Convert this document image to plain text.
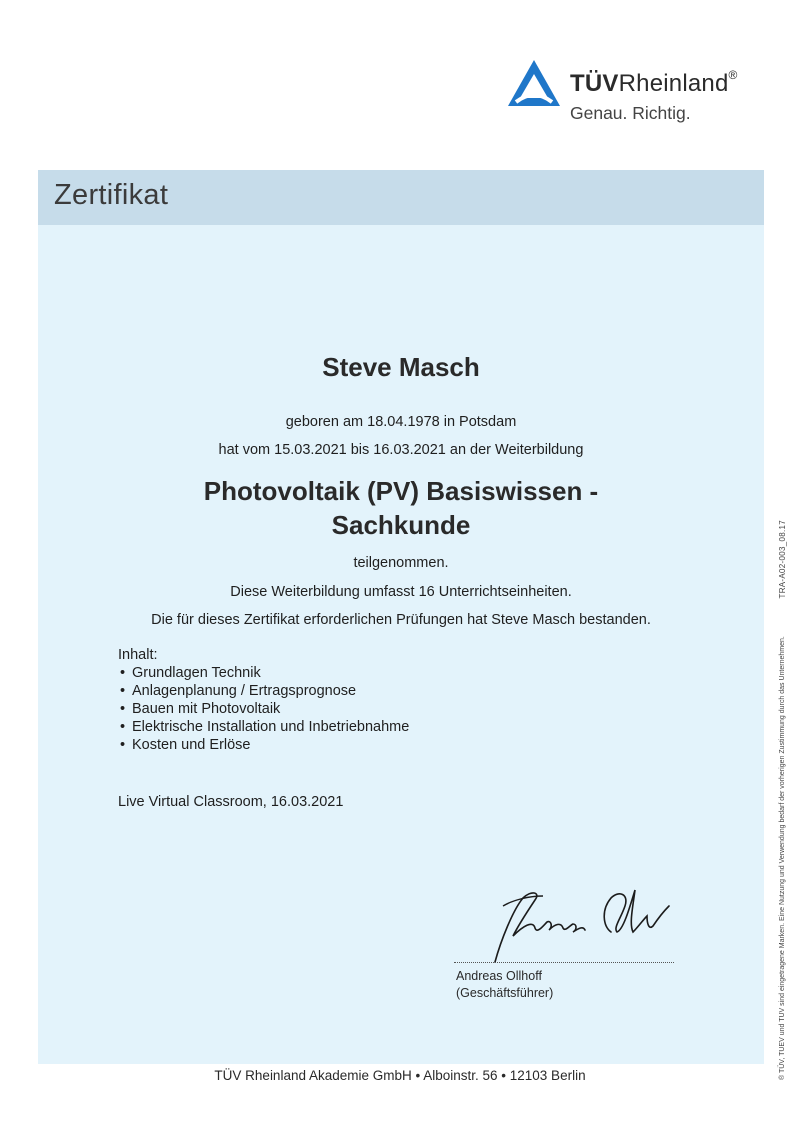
TÜVRheinland®
Genau. Richtig.
Zertifikat
Steve Masch
geboren am 18.04.1978 in Potsdam
hat vom 15.03.2021 bis 16.03.2021 an der Weiterbildung
Photovoltaik (PV) Basiswissen -
Sachkunde
teilgenommen.
Diese Weiterbildung umfasst 16 Unterrichtseinheiten.
Die für dieses Zertifikat erforderlichen Prüfungen hat Steve Masch bestanden.
Inhalt:
• Grundlagen Technik
• Anlagenplanung / Ertragsprognose
• Bauen mit Photovoltaik
• Elektrische Installation und Inbetriebnahme
• Kosten und Erlöse
Live Virtual Classroom, 16.03.2021
Andreas Ollhoff
(Geschäftsführer)
TÜV Rheinland Akademie GmbH • Alboinstr. 56 • 12103 Berlin	® TÜV, TUEV und TUV sind eingetragene Marken. Eine Nutzung und Verwendung bedarf der vorherigen Zustimmung durch das Unternehmen.
TRA-A02-003_08.17
